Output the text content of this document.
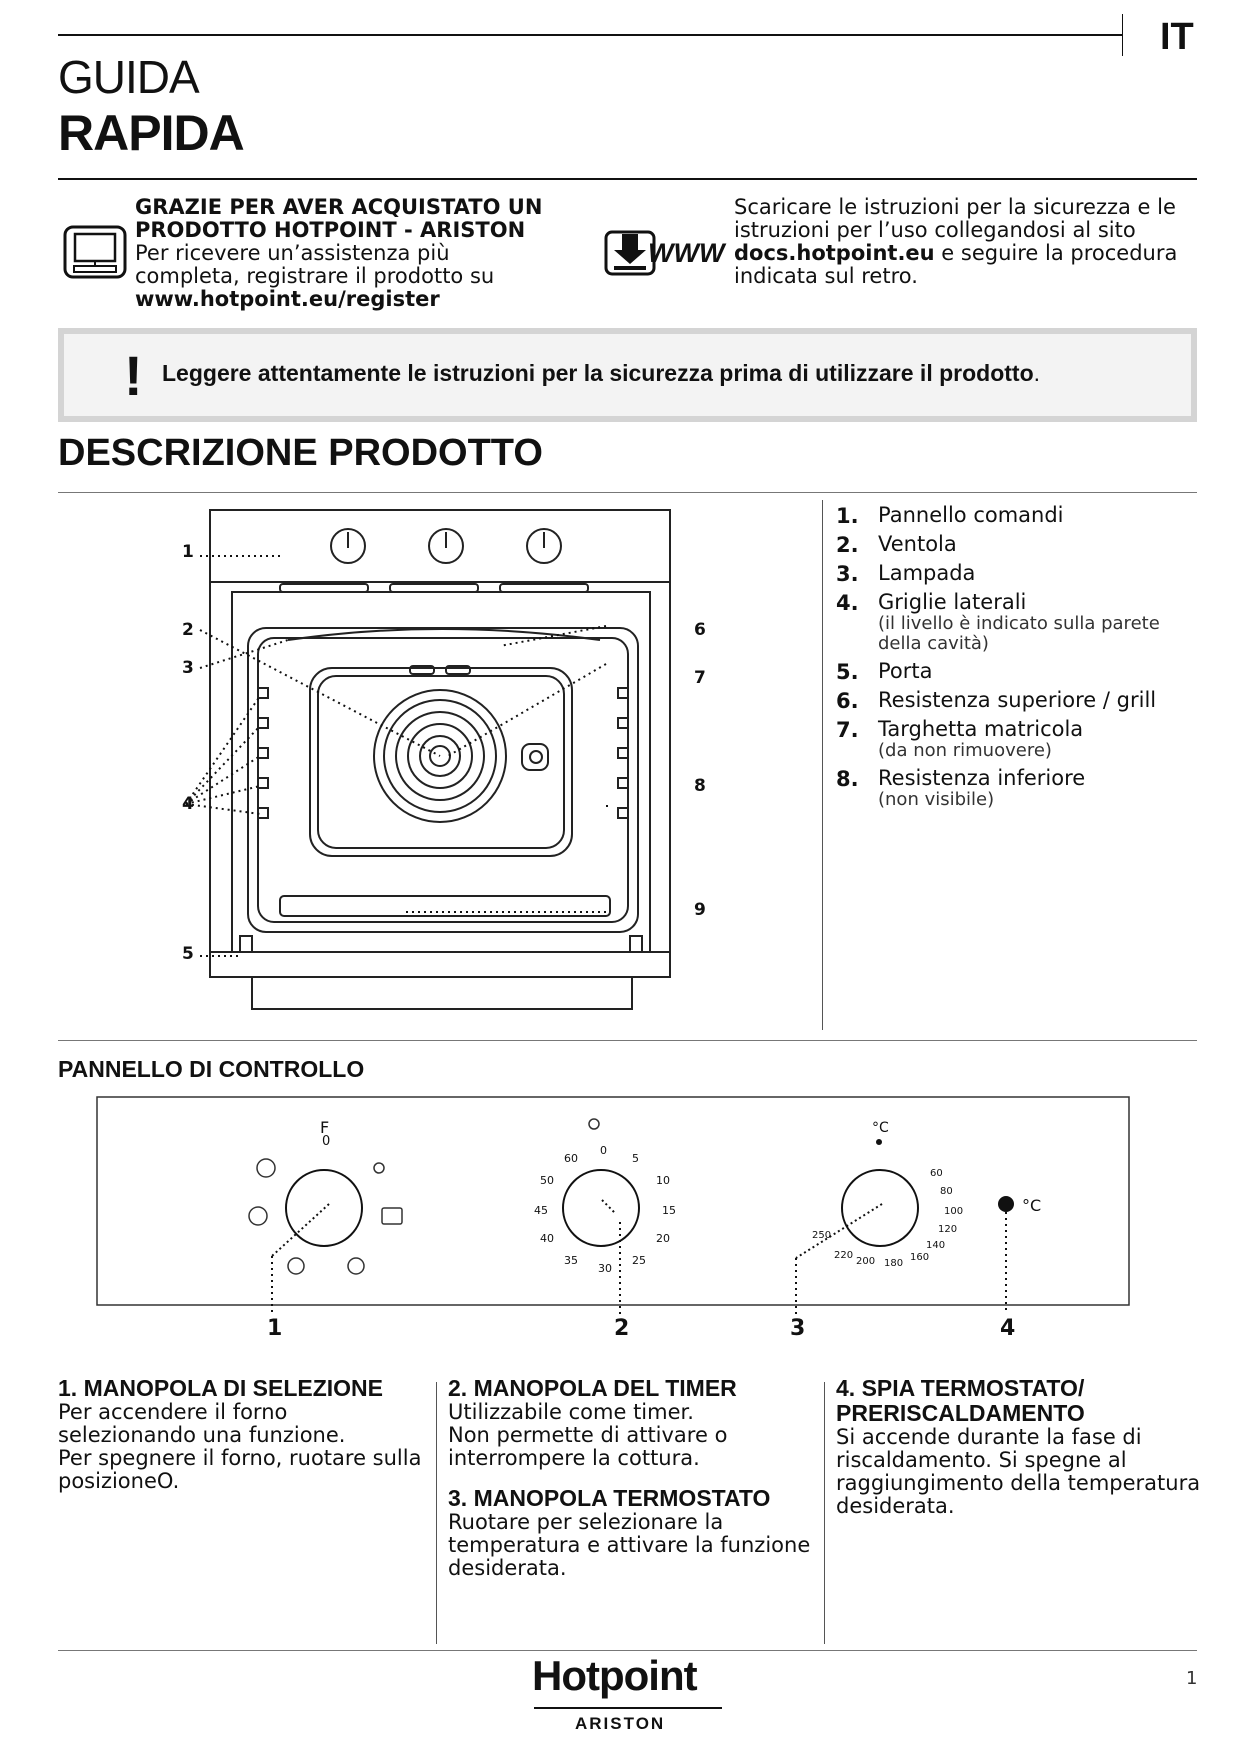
IT
GUIDA
RAPIDA
GRAZIE PER AVER ACQUISTATO UN
PRODOTTO HOTPOINT - ARISTON
Per ricevere un’assistenza più
completa, registrare il prodotto su
www.hotpoint.eu/register
WWW
Scaricare le istruzioni per la sicurezza e le
istruzioni per l’uso collegandosi al sito
docs.hotpoint.eu e seguire la procedura
indicata sul retro.
! Leggere attentamente le istruzioni per la sicurezza prima di utilizzare il prodotto.
DESCRIZIONE PRODOTTO
1
2
3
4
5
6
7
8
9
1. Pannello comandi
2. Ventola
3. Lampada
4. Griglie laterali
(il livello è indicato sulla parete
della cavità)
5. Porta
6. Resistenza superiore / grill
7. Targhetta matricola
(da non rimuovere)
8. Resistenza inferiore
(non visibile)
PANNELLO DI CONTROLLO
F
0
60
0
5
50	10
45	15
40	20
35
30
25
°C
60
80
100
120
140
160
180
200
220
250
°C
1	2	3	4
1. MANOPOLA DI SELEZIONE
Per accendere il forno
selezionando una funzione.
Per spegnere il forno, ruotare sulla
posizioneO.
2. MANOPOLA DEL TIMER
Utilizzabile come timer.
Non permette di attivare o
interrompere la cottura.
3. MANOPOLA TERMOSTATO
Ruotare per selezionare la
temperatura e attivare la funzione
desiderata.
4. SPIA TERMOSTATO/
PRERISCALDAMENTO
Si accende durante la fase di
riscaldamento. Si spegne al
raggiungimento della temperatura
desiderata.
Hotpoint
ARISTON
1
